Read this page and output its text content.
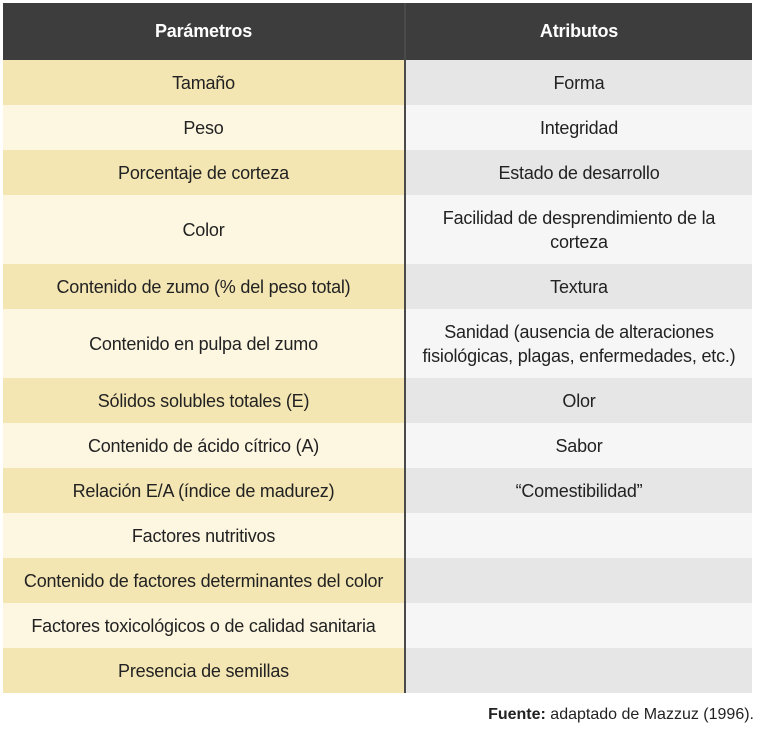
Parámetros	Atributos
Tamaño	Forma
Peso	Integridad
Porcentaje de corteza	Estado de desarrollo
Color	Facilidad de desprendimiento de la
corteza
Contenido de zumo (% del peso total)	Textura
Contenido en pulpa del zumo	Sanidad (ausencia de alteraciones
fisiológicas, plagas, enfermedades, etc.)
Sólidos solubles totales (E)	Olor
Contenido de ácido cítrico (A)	Sabor
Relación E/A (índice de madurez)	“Comestibilidad”
Factores nutritivos	
Contenido de factores determinantes del color	
Factores toxicológicos o de calidad sanitaria	
Presencia de semillas	
Fuente: adaptado de Mazzuz (1996).
